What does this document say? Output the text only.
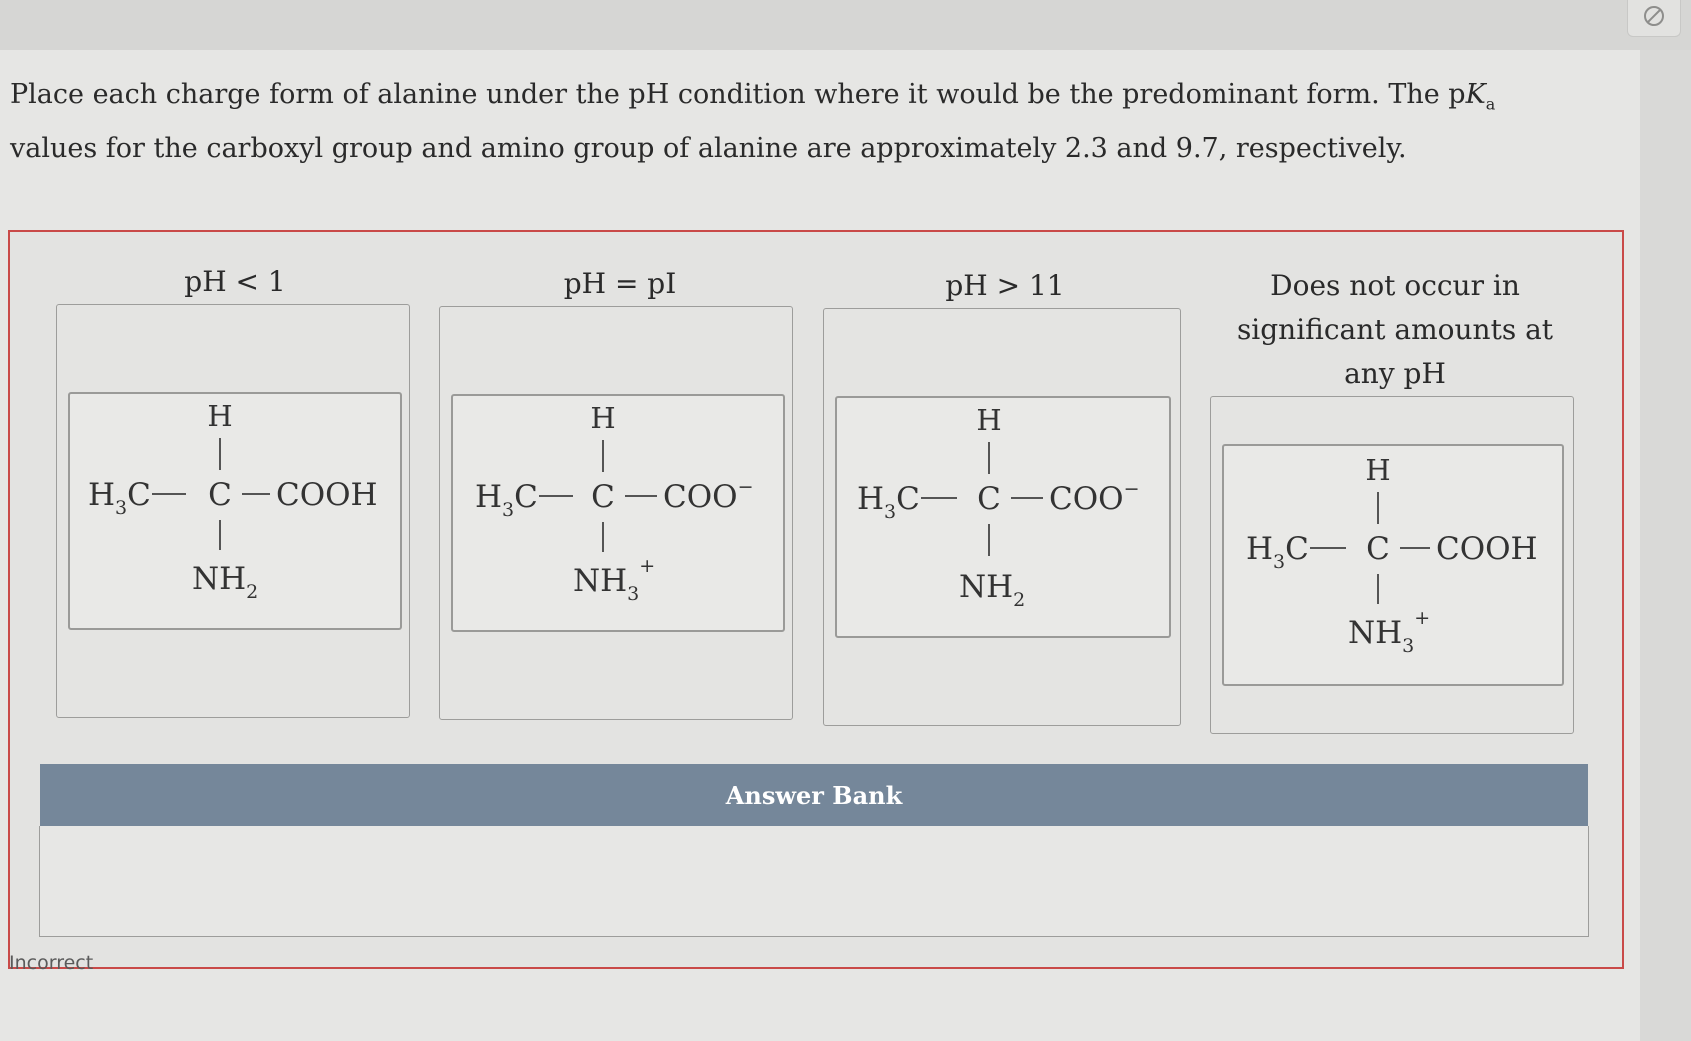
Place each charge form of alanine under the pH condition where it would be the predominant form. The $pK_a$ values for the carboxyl group and amino group of alanine are approximately 2.3 and 9.7, respectively.
pH < 1	pH = pI	pH > 11	Does not occur in
significant amounts at
any pH
H
$H_3C$ C COOH
$NH_2$
H
$H_3C$ C COO−
$NH_3^+$
H
$H_3C$ C COO−
$NH_2$
H
$H_3C$ C COOH
$NH_3^+$
Answer Bank
Incorrect
